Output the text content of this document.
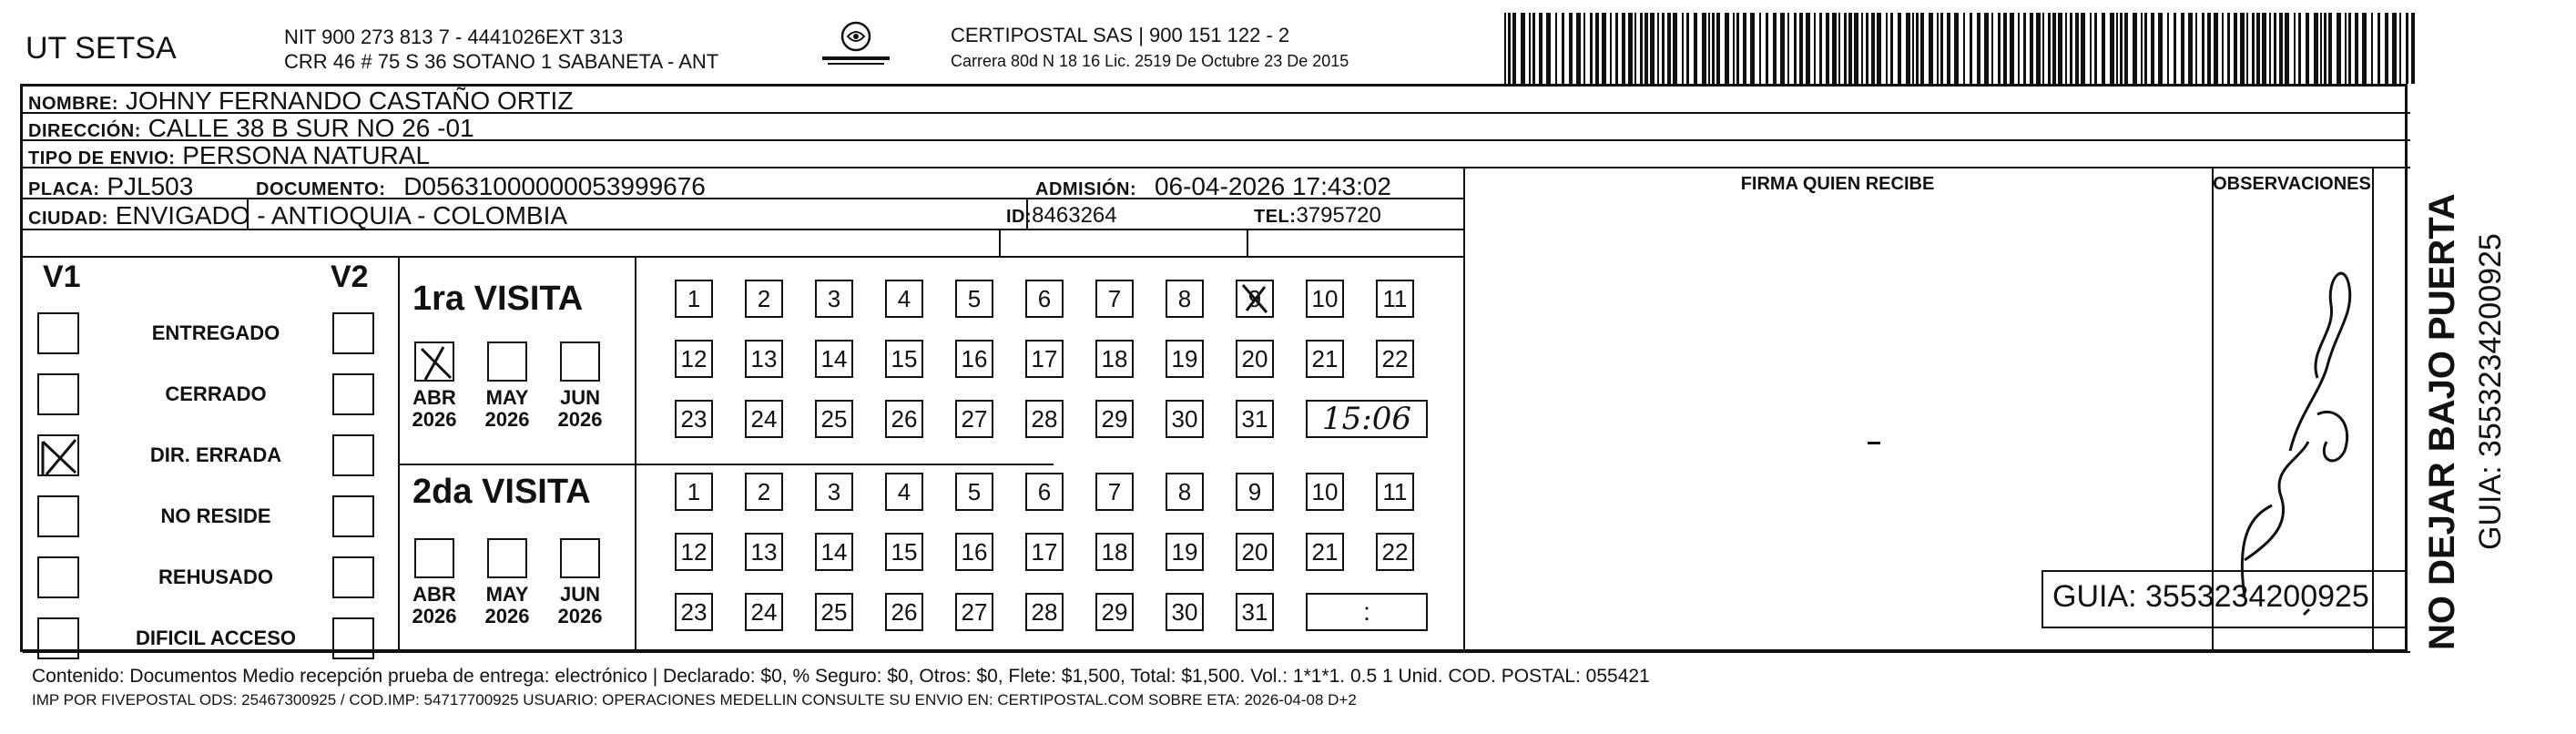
UT SETSA	NIT 900 273 813 7 - 4441026EXT 313
CRR 46 # 75 S 36 SOTANO 1 SABANETA - ANT
CERTIPOSTAL SAS | 900 151 122 - 2
Carrera 80d N 18 16 Lic. 2519 De Octubre 23 De 2015
NOMBRE: JOHNY FERNANDO CASTAÑO ORTIZ
DIRECCIÓN: CALLE 38 B SUR NO 26 -01
TIPO DE ENVIO: PERSONA NATURAL
FIRMA QUIEN RECIBE	OBSERVACIONES
PLACA: PJL503	DOCUMENTO: D05631000000053999676	ADMISIÓN: 06-04-2026 17:43:02
CIUDAD: ENVIGADO - ANTIOQUIA - COLOMBIA	ID:8463264	TEL:3795720
V1	V2
ENTREGADO
CERRADO
DIR. ERRADA
NO RESIDE
REHUSADO
DIFICIL ACCESO
1ra VISITA
2da VISITA
ABR
2026
MAY
2026
JUN
2026
1	2	3	4	5	6	7	8	9 10 11
12 13 14 15 16 17 18 19 20 21 22
23 24 25 26 27 28 29 30 31	15:06
ABR
2026
MAY
2026
JUN
2026
1	2	3	4	5	6	7	8	9	10 11
12 13 14 15 16 17 18 19 20 21 22
23 24 25 26 27 28 29 30 31	:
Contenido: Documentos Medio recepción prueba de entrega: electrónico | Declarado: $0, % Seguro: $0, Otros: $0, Flete: $1,500, Total: $1,500. Vol.: 1*1*1. 0.5 1 Unid. COD. POSTAL: 055421
IMP POR FIVEPOSTAL ODS: 25467300925 / COD.IMP: 54717700925 USUARIO: OPERACIONES MEDELLIN CONSULTE SU ENVIO EN: CERTIPOSTAL.COM SOBRE ETA: 2026-04-08 D+2
GUIA: 3553234200925 NO DEJAR BAJO PUERTA GUIA: 3553234200925
